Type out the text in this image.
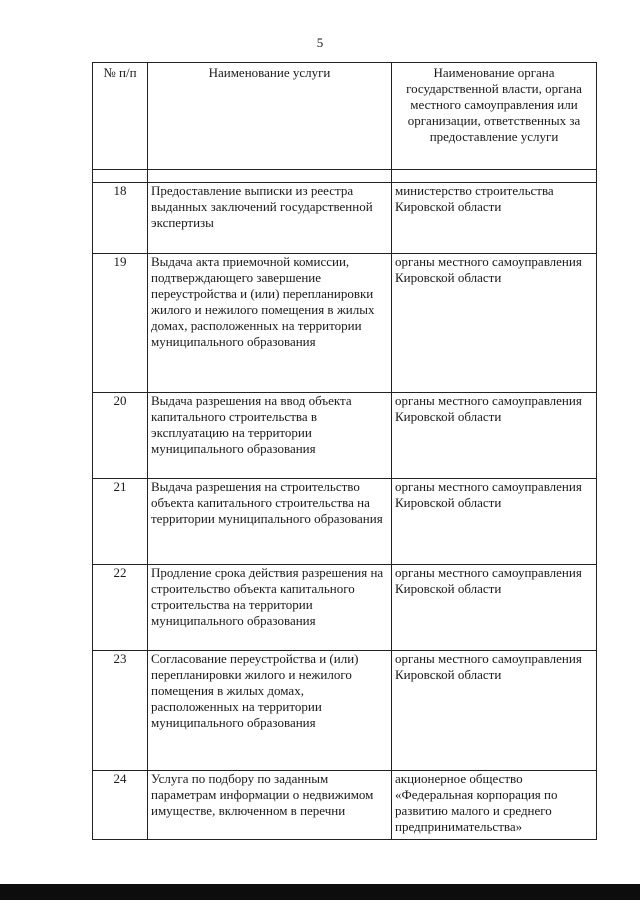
5
№ п/п	Наименование услуги	Наименование органа государственной власти, органа местного самоуправления или организации, ответственных за предоставление услуги

18	Предоставление выписки из реестра выданных заключений государственной экспертизы	министерство строительства Кировской области
19	Выдача акта приемочной комиссии, подтверждающего завершение переустройства и (или) перепланировки жилого и нежилого помещения в жилых домах, расположенных на территории муниципального образования	органы местного самоуправления Кировской области
20	Выдача разрешения на ввод объекта капитального строительства в эксплуатацию на территории муниципального образования	органы местного самоуправления Кировской области
21	Выдача разрешения на строительство объекта капитального строительства на территории муниципального образования	органы местного самоуправления Кировской области
22	Продление срока действия разрешения на строительство объекта капитального строительства на территории муниципального образования	органы местного самоуправления Кировской области
23	Согласование переустройства и (или) перепланировки жилого и нежилого помещения в жилых домах, расположенных на территории муниципального образования	органы местного самоуправления Кировской области
24	Услуга по подбору по заданным параметрам информации о недвижимом имуществе, включенном в перечни	акционерное общество «Федеральная корпорация по развитию малого и среднего предпринимательства»
